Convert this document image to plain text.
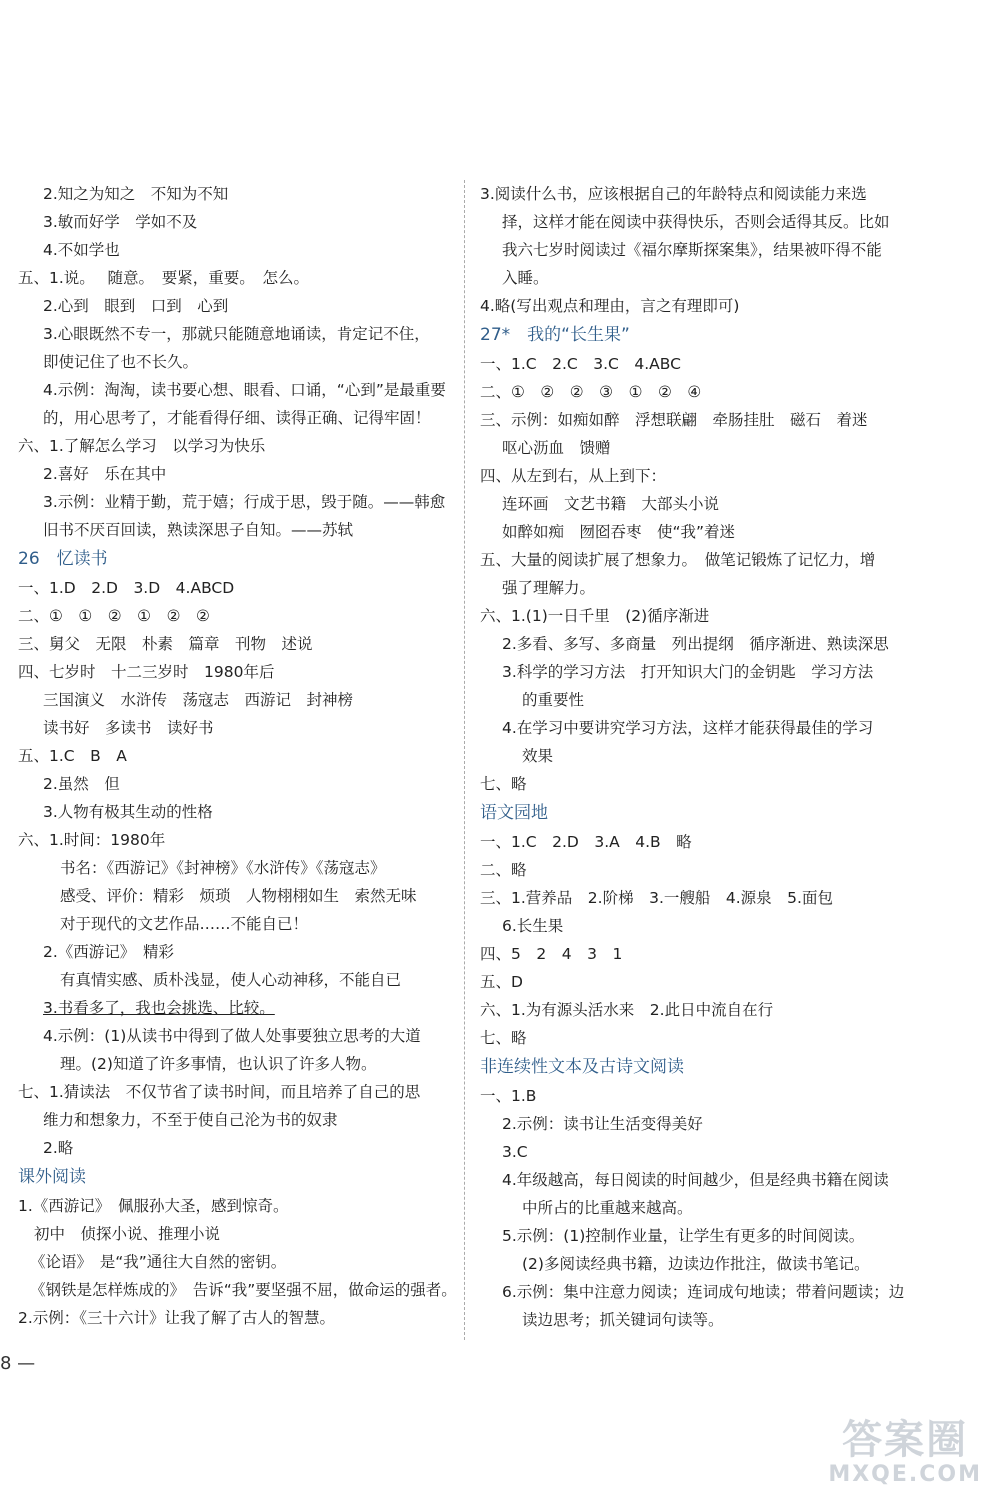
2.知之为知之　不知为不知
3.敏而好学　学如不及
4.不如学也
五、1.说。　 随意。　要紧，重要。　怎么。
2.心到　眼到　口到　心到
3.心眼既然不专一，那就只能随意地诵读，肯定记不住，
即使记住了也不长久。
4.示例：淘淘，读书要心想、眼看、口诵，“心到”是最重要
的，用心思考了，才能看得仔细、读得正确、记得牢固！
六、1.了解怎么学习　以学习为快乐
2.喜好　乐在其中
3.示例：业精于勤，荒于嬉；行成于思，毁于随。——韩愈
旧书不厌百回读，熟读深思子自知。——苏轼
26　忆读书
一、1.D　2.D　3.D　4.ABCD
二、①　①　②　①　②　②
三、舅父　无限　朴素　篇章　刊物　述说
四、七岁时　十二三岁时　1980年后
三国演义　水浒传　荡寇志　西游记　封神榜
读书好　多读书　读好书
五、1.C　B　A
2.虽然　但
3.人物有极其生动的性格
六、1.时间：1980年
书名：《西游记》《封神榜》《水浒传》《荡寇志》
感受、评价：精彩　烦琐　人物栩栩如生　索然无味
对于现代的文艺作品……不能自已！
2.《西游记》　精彩
有真情实感、质朴浅显，使人心动神移，不能自已
3.书看多了，我也会挑选、比较。
4.示例：(1)从读书中得到了做人处事要独立思考的大道
理。(2)知道了许多事情，也认识了许多人物。
七、1.猜读法　不仅节省了读书时间，而且培养了自己的思
维力和想象力，不至于使自己沦为书的奴隶
2.略
课外阅读
1.《西游记》　佩服孙大圣，感到惊奇。
初中　侦探小说、推理小说
《论语》　是“我”通往大自然的密钥。
《钢铁是怎样炼成的》　告诉“我”要坚强不屈，做命运的强者。
2.示例：《三十六计》让我了解了古人的智慧。
3.阅读什么书，应该根据自己的年龄特点和阅读能力来选
择，这样才能在阅读中获得快乐，否则会适得其反。比如
我六七岁时阅读过《福尔摩斯探案集》，结果被吓得不能
入睡。
4.略(写出观点和理由，言之有理即可)
27*　我的“长生果”
一、1.C　2.C　3.C　4.ABC
二、①　②　②　③　①　②　④
三、示例：如痴如醉　浮想联翩　牵肠挂肚　磁石　着迷
呕心沥血　馈赠
四、从左到右，从上到下：
连环画　文艺书籍　大部头小说
如醉如痴　囫囵吞枣　使“我”着迷
五、大量的阅读扩展了想象力。　做笔记锻炼了记忆力，增
强了理解力。
六、1.(1)一日千里　(2)循序渐进
2.多看、多写、多商量　列出提纲　循序渐进、熟读深思
3.科学的学习方法　打开知识大门的金钥匙　学习方法
的重要性
4.在学习中要讲究学习方法，这样才能获得最佳的学习
效果
七、略
语文园地
一、1.C　2.D　3.A　4.B　略
二、略
三、1.营养品　2.阶梯　3.一艘船　4.源泉　5.面包
6.长生果
四、5　2　4　3　1
五、D
六、1.为有源头活水来　2.此日中流自在行
七、略
非连续性文本及古诗文阅读
一、1.B
2.示例：读书让生活变得美好
3.C
4.年级越高，每日阅读的时间越少，但是经典书籍在阅读
中所占的比重越来越高。
5.示例：(1)控制作业量，让学生有更多的时间阅读。
(2)多阅读经典书籍，边读边作批注，做读书笔记。
6.示例：集中注意力阅读；连词成句地读；带着问题读；边
读边思考；抓关键词句读等。
8 —
答案圈
MXQE.COM
